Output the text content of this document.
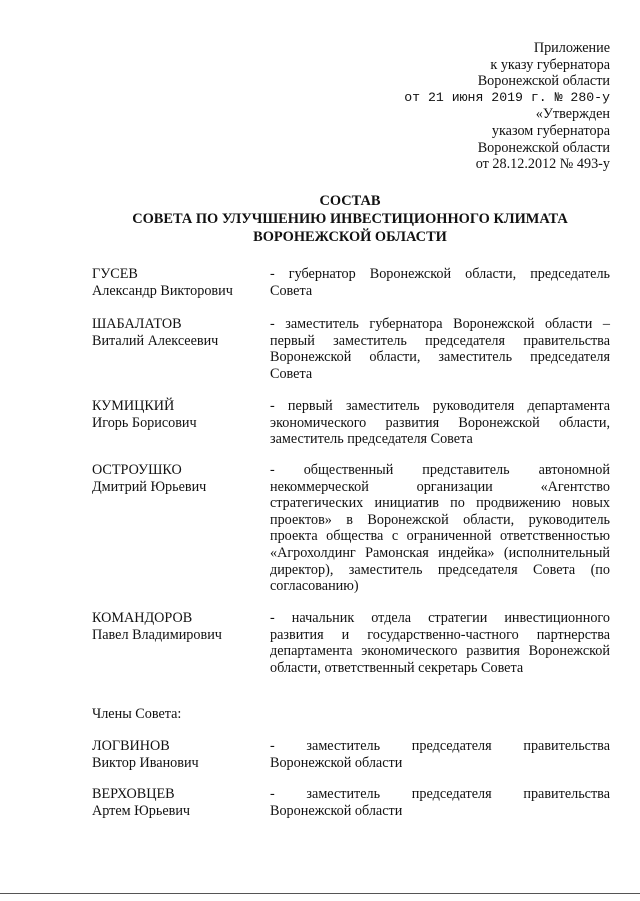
Приложение
к указу губернатора
Воронежской области
от 21 июня 2019 г. № 280-у
«Утвержден
указом губернатора
Воронежской области
от 28.12.2012 № 493-у
СОСТАВ
СОВЕТА ПО УЛУЧШЕНИЮ ИНВЕСТИЦИОННОГО КЛИМАТА
ВОРОНЕЖСКОЙ ОБЛАСТИ
ГУСЕВ
Александр Викторович
- губернатор Воронежской области, председатель Совета
ШАБАЛАТОВ
Виталий Алексеевич
- заместитель губернатора Воронежской области – первый заместитель председателя правительства Воронежской области, заместитель председателя Совета
КУМИЦКИЙ
Игорь Борисович
- первый заместитель руководителя департамента экономического развития Воронежской области, заместитель председателя Совета
ОСТРОУШКО
Дмитрий Юрьевич
- общественный представитель автономной некоммерческой организации «Агентство стратегических инициатив по продвижению новых проектов» в Воронежской области, руководитель проекта общества с ограниченной ответственностью «Агрохолдинг Рамонская индейка» (исполнительный директор), заместитель председателя Совета (по согласованию)
КОМАНДОРОВ
Павел Владимирович
- начальник отдела стратегии инвестиционного развития и государственно-частного партнерства департамента экономического развития Воронежской области, ответственный секретарь Совета
Члены Совета:
ЛОГВИНОВ
Виктор Иванович
- заместитель председателя правительства Воронежской области
ВЕРХОВЦЕВ
Артем Юрьевич
- заместитель председателя правительства Воронежской области
